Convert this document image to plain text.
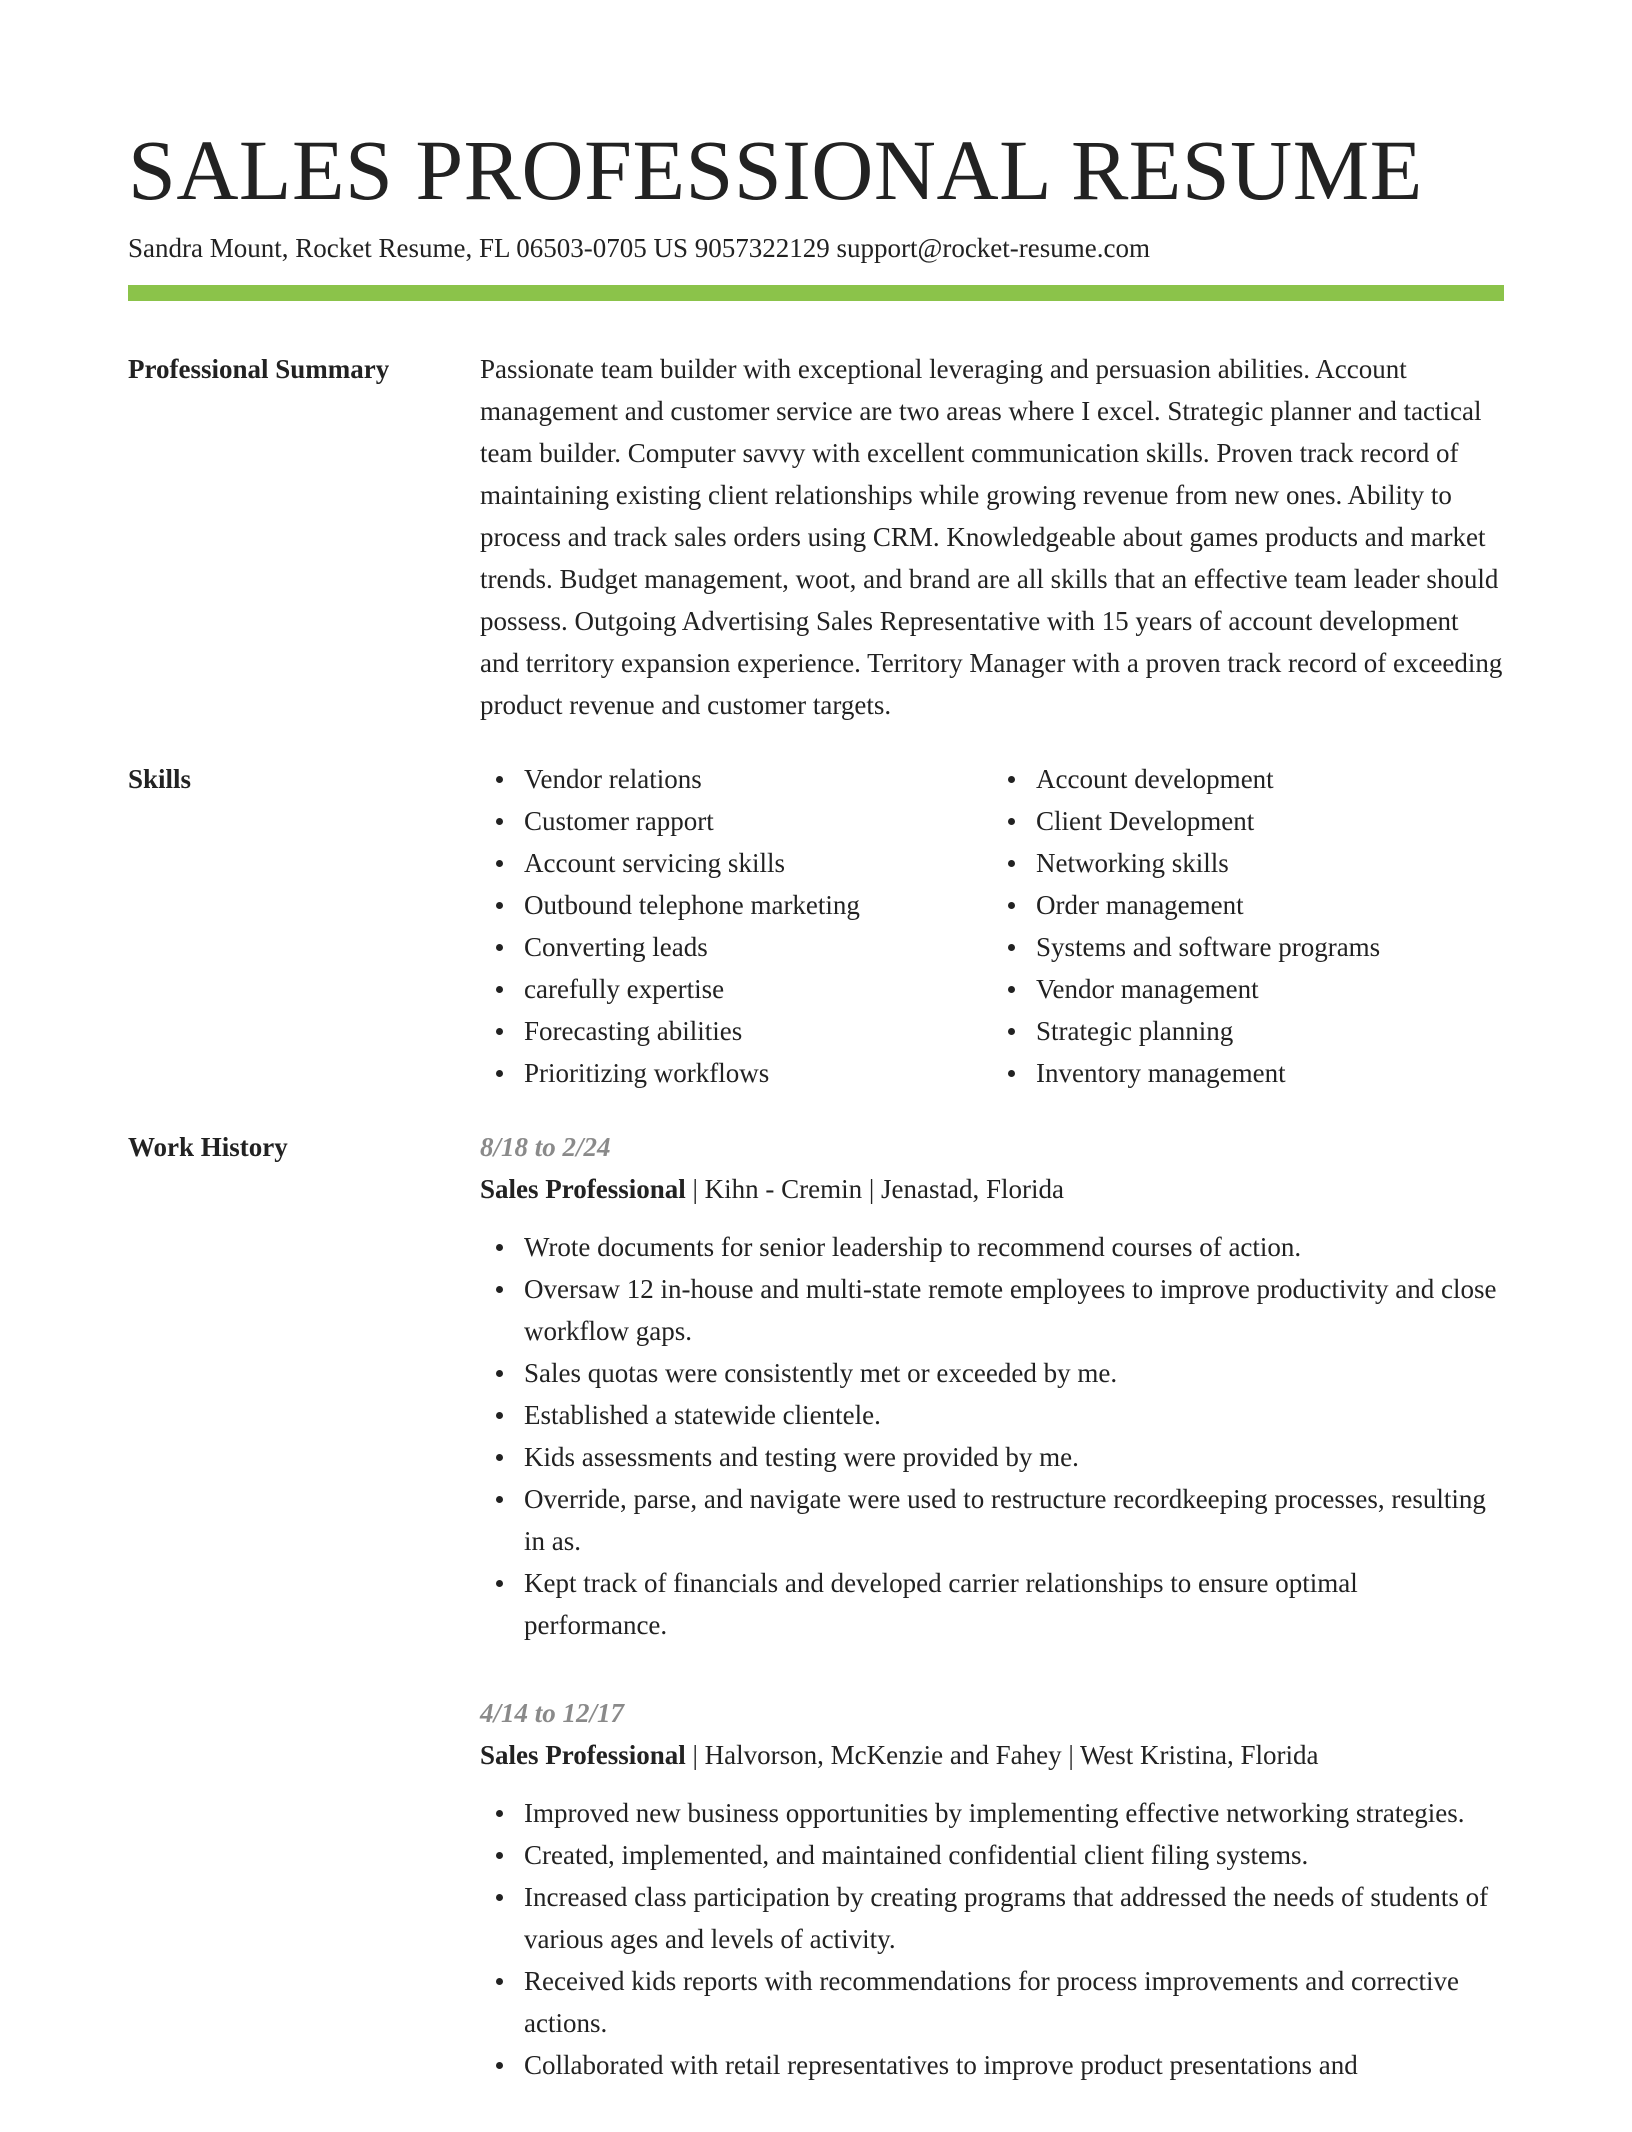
SALES PROFESSIONAL RESUME
Sandra Mount, Rocket Resume, FL 06503-0705 US 9057322129 support@rocket-resume.com
Professional Summary	Passionate team builder with exceptional leveraging and persuasion abilities. Account management and customer service are two areas where I excel. Strategic planner and tactical team builder. Computer savvy with excellent communication skills. Proven track record of maintaining existing client relationships while growing revenue from new ones. Ability to process and track sales orders using CRM. Knowledgeable about games products and market trends. Budget management, woot, and brand are all skills that an effective team leader should possess. Outgoing Advertising Sales Representative with 15 years of account development and territory expansion experience. Territory Manager with a proven track record of exceeding product revenue and customer targets.

Skills	Vendor relations
Customer rapport
Account servicing skills
Outbound telephone marketing
Converting leads
carefully expertise
Forecasting abilities
Prioritizing workflows
Account development
Client Development
Networking skills
Order management
Systems and software programs
Vendor management
Strategic planning
Inventory management
Work History	8/18 to 2/24
Sales Professional | Kihn - Cremin | Jenastad, Florida
Wrote documents for senior leadership to recommend courses of action.
Oversaw 12 in-house and multi-state remote employees to improve productivity and close workflow gaps.
Sales quotas were consistently met or exceeded by me.
Established a statewide clientele.
Kids assessments and testing were provided by me.
Override, parse, and navigate were used to restructure recordkeeping processes, resulting in as.
Kept track of financials and developed carrier relationships to ensure optimal performance.
4/14 to 12/17
Sales Professional | Halvorson, McKenzie and Fahey | West Kristina, Florida
Improved new business opportunities by implementing effective networking strategies.
Created, implemented, and maintained confidential client filing systems.
Increased class participation by creating programs that addressed the needs of students of various ages and levels of activity.
Received kids reports with recommendations for process improvements and corrective actions.
Collaborated with retail representatives to improve product presentations and
